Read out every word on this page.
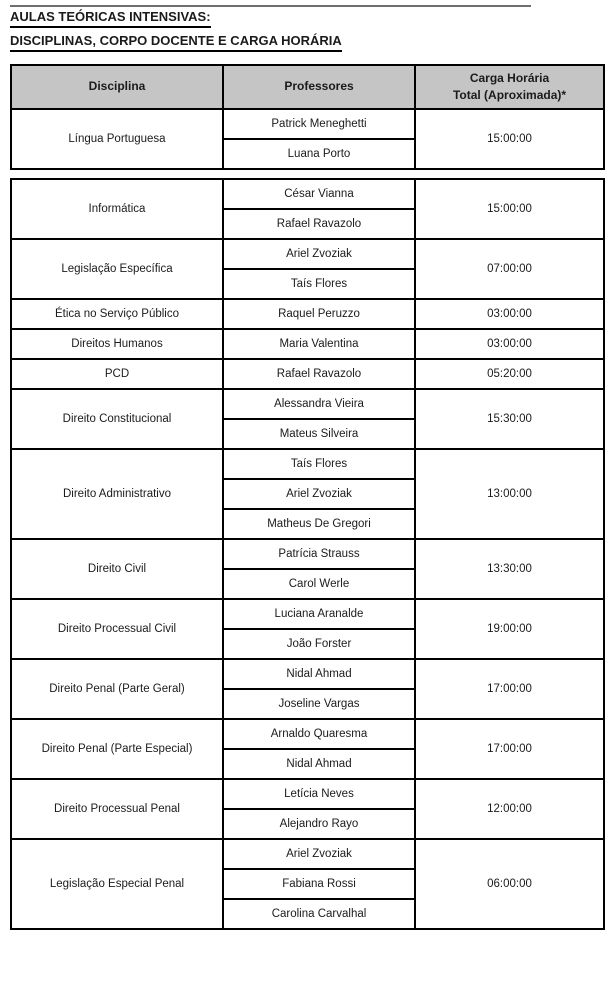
AULAS TEÓRICAS INTENSIVAS:
DISCIPLINAS, CORPO DOCENTE E CARGA HORÁRIA
Disciplina	Professores	Carga Horária
Total (Aproximada)*

Língua Portuguesa	Patrick Meneghetti	15:00:00
	Luana Porto	
Informática	César Vianna	15:00:00
	Rafael Ravazolo	
Legislação Específica	Ariel Zvoziak	07:00:00
	Taís Flores	
Ética no Serviço Público	Raquel Peruzzo	03:00:00
Direitos Humanos	Maria Valentina	03:00:00
PCD	Rafael Ravazolo	05:20:00
Direito Constitucional	Alessandra Vieira	15:30:00
	Mateus Silveira	
Direito Administrativo	Taís Flores	13:00:00
	Ariel Zvoziak	
	Matheus De Gregori	
Direito Civil	Patrícia Strauss	13:30:00
	Carol Werle	
Direito Processual Civil	Luciana Aranalde	19:00:00
	João Forster	
Direito Penal (Parte Geral)	Nidal Ahmad	17:00:00
	Joseline Vargas	
Direito Penal (Parte Especial)	Arnaldo Quaresma	17:00:00
	Nidal Ahmad	
Direito Processual Penal	Letícia Neves	12:00:00
	Alejandro Rayo	
Legislação Especial Penal	Ariel Zvoziak	06:00:00
	Fabiana Rossi	
	Carolina Carvalhal	
